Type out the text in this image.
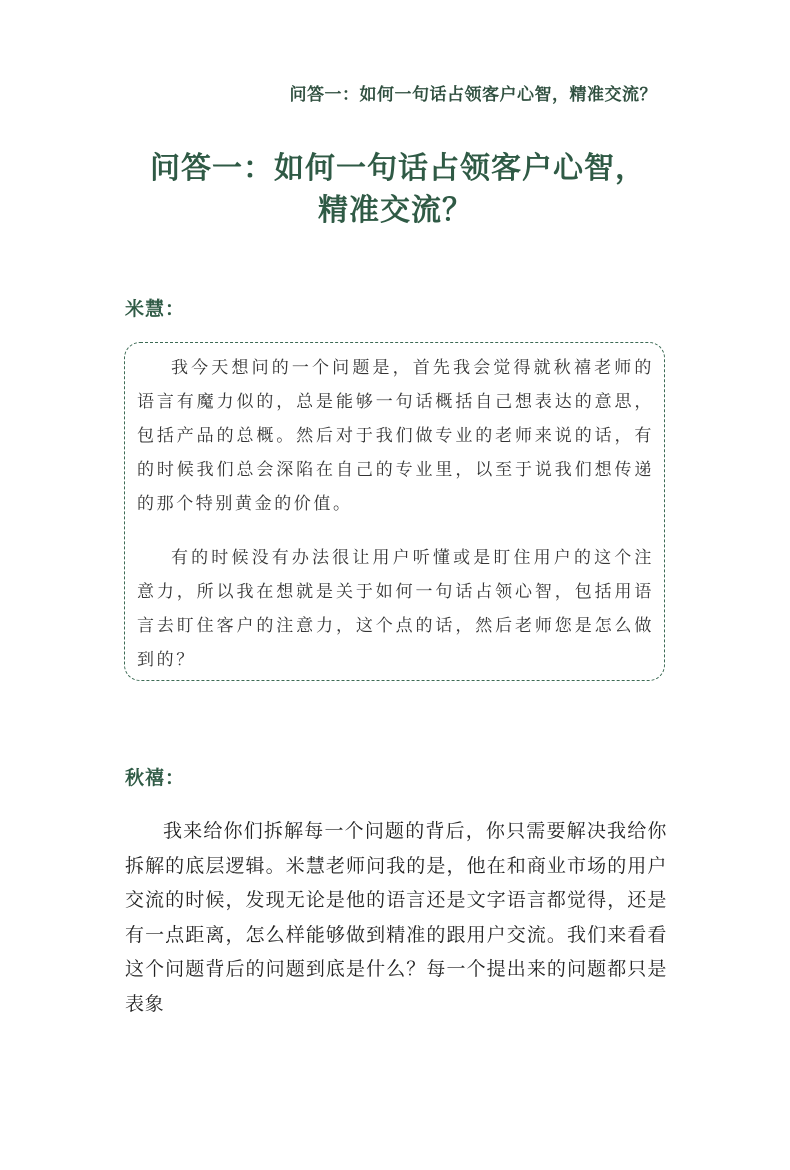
问答一：如何一句话占领客户心智，精准交流？
问答一：如何一句话占领客户心智，
精准交流？
米慧：

我今天想问的一个问题是，首先我会觉得就秋禧老师的语言有魔力似的，总是能够一句话概括自己想表达的意思，包括产品的总概。然后对于我们做专业的老师来说的话，有的时候我们总会深陷在自己的专业里，以至于说我们想传递的那个特别黄金的价值。

有的时候没有办法很让用户听懂或是盯住用户的这个注意力，所以我在想就是关于如何一句话占领心智，包括用语言去盯住客户的注意力，这个点的话，然后老师您是怎么做到的？

秋禧：

我来给你们拆解每一个问题的背后，你只需要解决我给你拆解的底层逻辑。米慧老师问我的是，他在和商业市场的用户交流的时候，发现无论是他的语言还是文字语言都觉得，还是有一点距离，怎么样能够做到精准的跟用户交流。我们来看看这个问题背后的问题到底是什么？每一个提出来的问题都只是表象
